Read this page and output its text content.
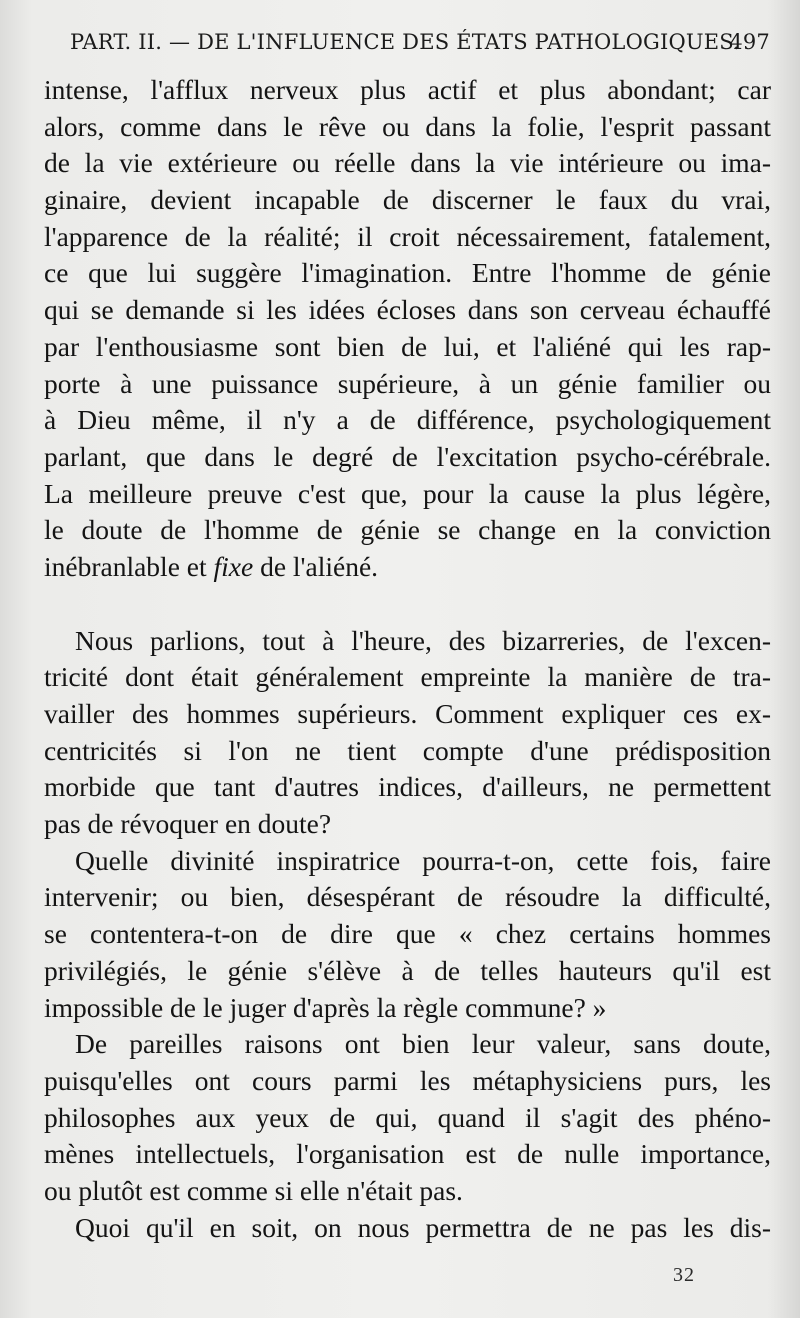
PART. II. — DE L'INFLUENCE DES ÉTATS PATHOLOGIQUES.
497
intense, l'afflux nerveux plus actif et plus abondant; car
alors, comme dans le rêve ou dans la folie, l'esprit passant
de la vie extérieure ou réelle dans la vie intérieure ou ima-
ginaire, devient incapable de discerner le faux du vrai,
l'apparence de la réalité; il croit nécessairement, fatalement,
ce que lui suggère l'imagination. Entre l'homme de génie
qui se demande si les idées écloses dans son cerveau échauffé
par l'enthousiasme sont bien de lui, et l'aliéné qui les rap-
porte à une puissance supérieure, à un génie familier ou
à Dieu même, il n'y a de différence, psychologiquement
parlant, que dans le degré de l'excitation psycho-cérébrale.
La meilleure preuve c'est que, pour la cause la plus légère,
le doute de l'homme de génie se change en la conviction
inébranlable et fixe de l'aliéné.
Nous parlions, tout à l'heure, des bizarreries, de l'excen-
tricité dont était généralement empreinte la manière de tra-
vailler des hommes supérieurs. Comment expliquer ces ex-
centricités si l'on ne tient compte d'une prédisposition
morbide que tant d'autres indices, d'ailleurs, ne permettent
pas de révoquer en doute?
Quelle divinité inspiratrice pourra-t-on, cette fois, faire
intervenir; ou bien, désespérant de résoudre la difficulté,
se contentera-t-on de dire que « chez certains hommes
privilégiés, le génie s'élève à de telles hauteurs qu'il est
impossible de le juger d'après la règle commune? »
De pareilles raisons ont bien leur valeur, sans doute,
puisqu'elles ont cours parmi les métaphysiciens purs, les
philosophes aux yeux de qui, quand il s'agit des phéno-
mènes intellectuels, l'organisation est de nulle importance,
ou plutôt est comme si elle n'était pas.
Quoi qu'il en soit, on nous permettra de ne pas les dis-
32
